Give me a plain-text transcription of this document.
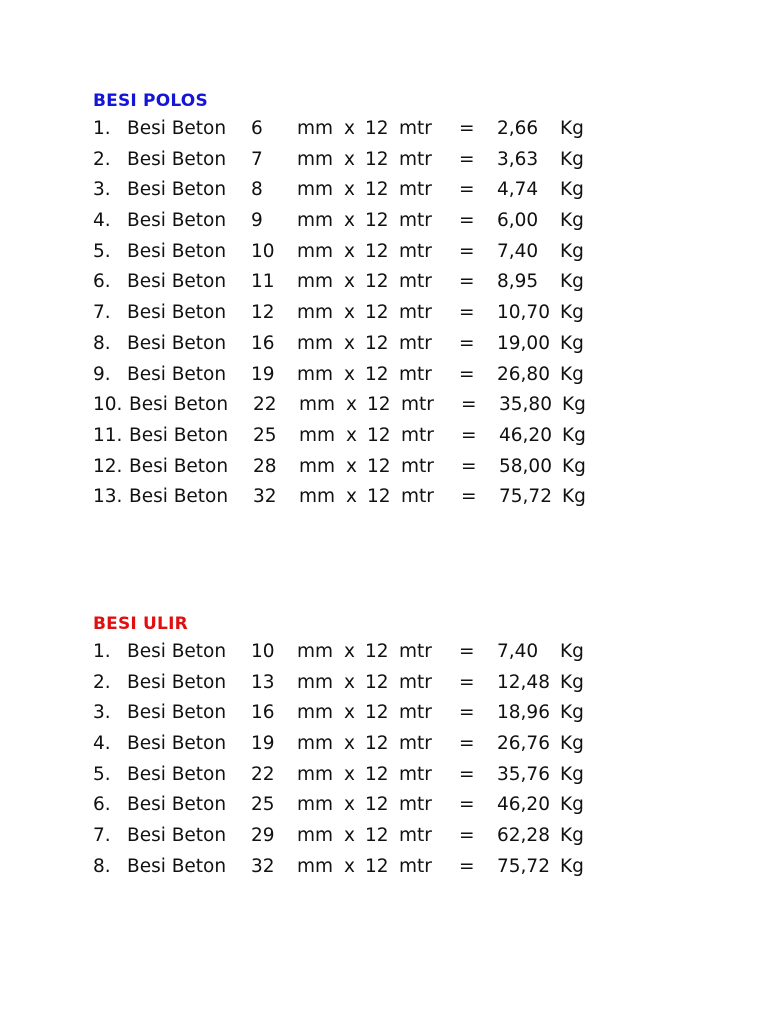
BESI POLOS
1. Besi Beton 6 mm x 12 mtr = 2,66 Kg
2. Besi Beton 7 mm x 12 mtr = 3,63 Kg
3. Besi Beton 8 mm x 12 mtr = 4,74 Kg
4. Besi Beton 9 mm x 12 mtr = 6,00 Kg
5. Besi Beton 10 mm x 12 mtr = 7,40 Kg
6. Besi Beton 11 mm x 12 mtr = 8,95 Kg
7. Besi Beton 12 mm x 12 mtr = 10,70 Kg
8. Besi Beton 16 mm x 12 mtr = 19,00 Kg
9. Besi Beton 19 mm x 12 mtr = 26,80 Kg
10. Besi Beton 22 mm x 12 mtr = 35,80 Kg
11. Besi Beton 25 mm x 12 mtr = 46,20 Kg
12. Besi Beton 28 mm x 12 mtr = 58,00 Kg
13. Besi Beton 32 mm x 12 mtr = 75,72 Kg
BESI ULIR
1. Besi Beton 10 mm x 12 mtr = 7,40 Kg
2. Besi Beton 13 mm x 12 mtr = 12,48 Kg
3. Besi Beton 16 mm x 12 mtr = 18,96 Kg
4. Besi Beton 19 mm x 12 mtr = 26,76 Kg
5. Besi Beton 22 mm x 12 mtr = 35,76 Kg
6. Besi Beton 25 mm x 12 mtr = 46,20 Kg
7. Besi Beton 29 mm x 12 mtr = 62,28 Kg
8. Besi Beton 32 mm x 12 mtr = 75,72 Kg
